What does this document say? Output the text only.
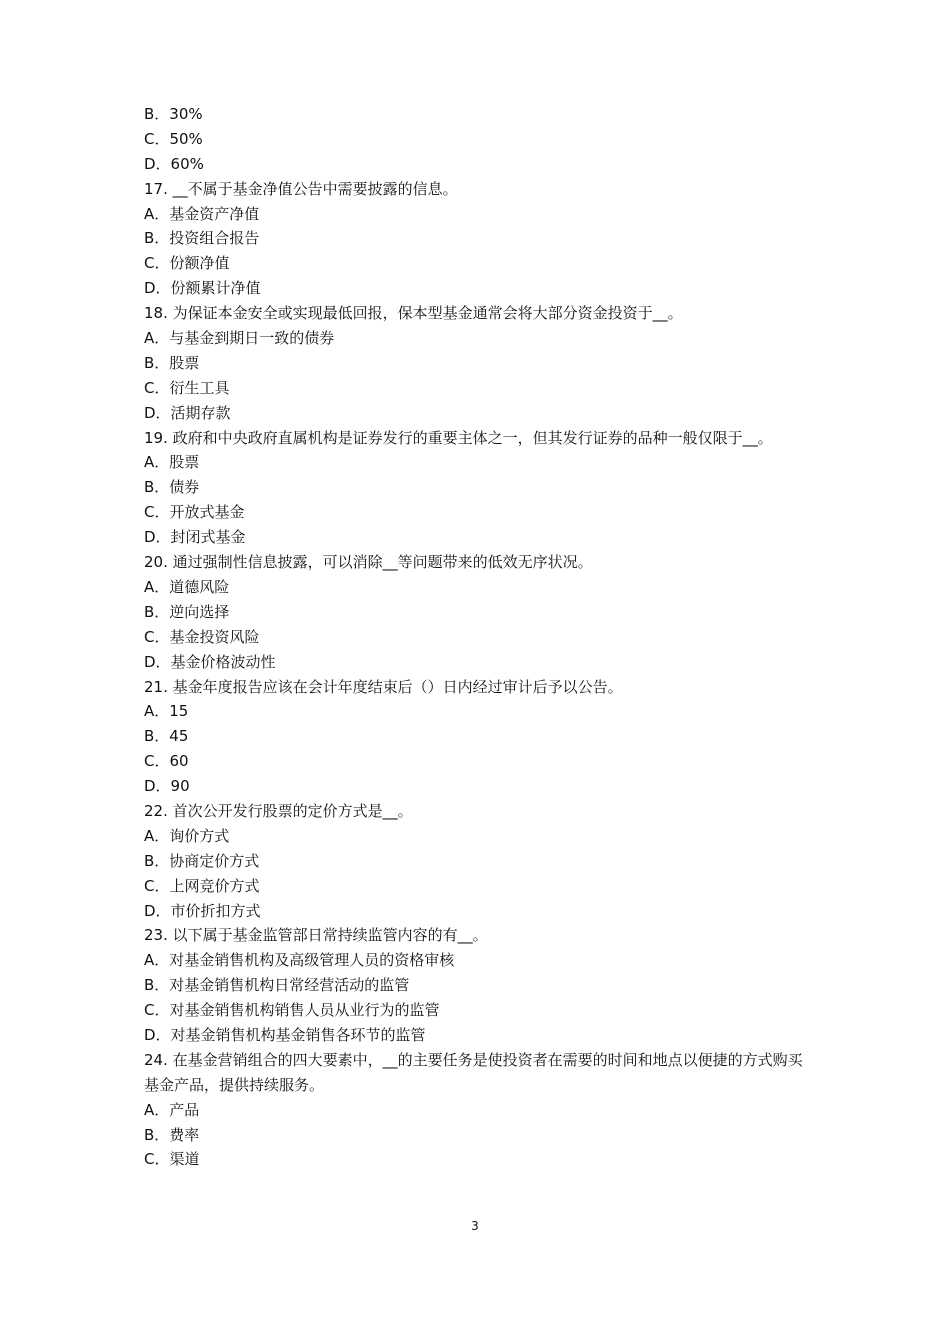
B．30%
C．50%
D．60%
17. __不属于基金净值公告中需要披露的信息。
A．基金资产净值
B．投资组合报告
C．份额净值
D．份额累计净值
18. 为保证本金安全或实现最低回报，保本型基金通常会将大部分资金投资于__。
A．与基金到期日一致的债券
B．股票
C．衍生工具
D．活期存款
19. 政府和中央政府直属机构是证券发行的重要主体之一，但其发行证券的品种一般仅限于__。
A．股票
B．债券
C．开放式基金
D．封闭式基金
20. 通过强制性信息披露，可以消除__等问题带来的低效无序状况。
A．道德风险
B．逆向选择
C．基金投资风险
D．基金价格波动性
21. 基金年度报告应该在会计年度结束后（）日内经过审计后予以公告。
A．15
B．45
C．60
D．90
22. 首次公开发行股票的定价方式是__。
A．询价方式
B．协商定价方式
C．上网竞价方式
D．市价折扣方式
23. 以下属于基金监管部日常持续监管内容的有__。
A．对基金销售机构及高级管理人员的资格审核
B．对基金销售机构日常经营活动的监管
C．对基金销售机构销售人员从业行为的监管
D．对基金销售机构基金销售各环节的监管
24. 在基金营销组合的四大要素中，__的主要任务是使投资者在需要的时间和地点以便捷的方式购买基金产品，提供持续服务。
A．产品
B．费率
C．渠道
3
